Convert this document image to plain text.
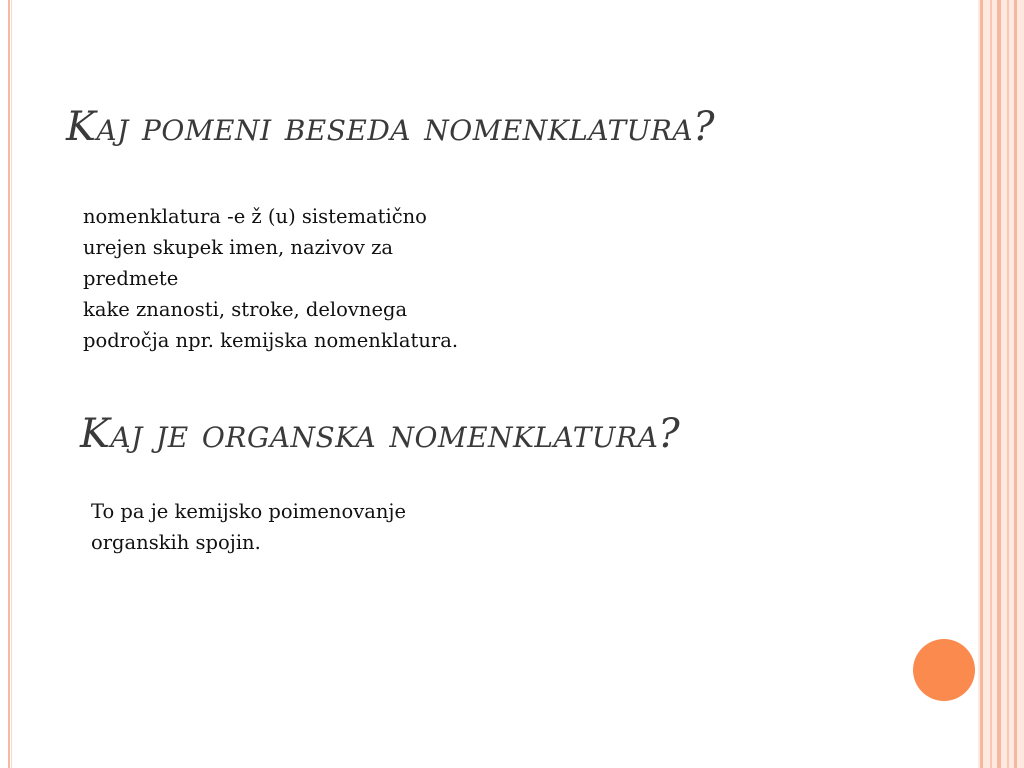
Kaj pomeni beseda nomenklatura?

nomenklatura -e ž (u) sistematično
urejen skupek imen, nazivov za
predmete
kake znanosti, stroke, delovnega
področja npr. kemijska nomenklatura.

Kaj je organska nomenklatura?

To pa je kemijsko poimenovanje
organskih spojin.
